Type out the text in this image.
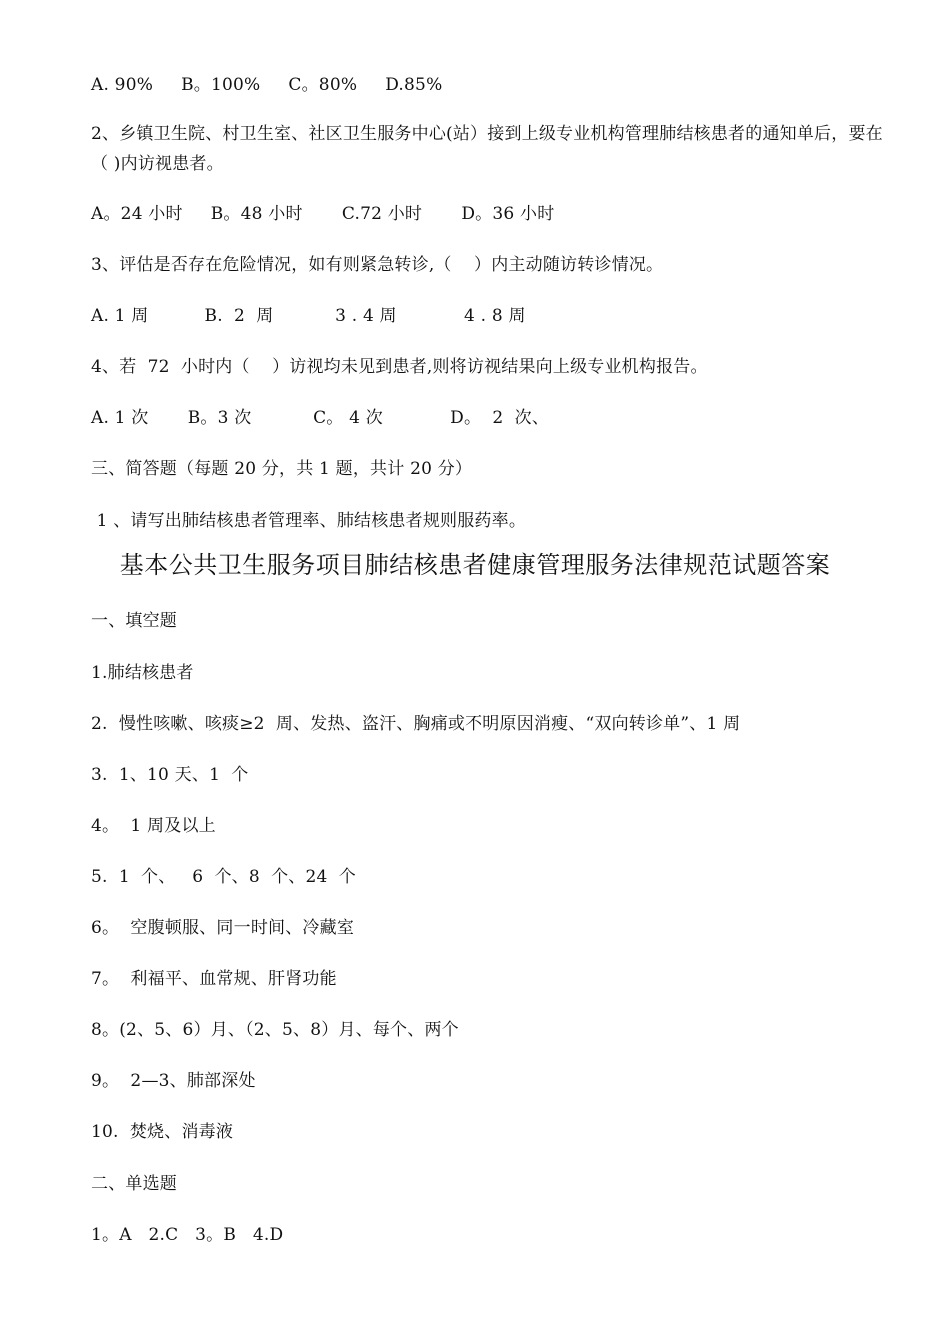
A. 90%     B。100%     C。80%     D.85%
2、乡镇卫生院、村卫生室、社区卫生服务中心(站）接到上级专业机构管理肺结核患者的通知单后，要在（ )内访视患者。
A。24 小时     B。48 小时       C.72 小时       D。36 小时
3、评估是否存在危险情况，如有则紧急转诊,（    ）内主动随访转诊情况。
A. 1 周          B.  2  周           3 . 4 周            4 . 8 周
4、若  72  小时内（    ）访视均未见到患者,则将访视结果向上级专业机构报告。
A. 1 次       B。3 次           C。 4 次            D。  2  次、
三、简答题（每题 20 分，共 1 题，共计 20 分）
1 、请写出肺结核患者管理率、肺结核患者规则服药率。
基本公共卫生服务项目肺结核患者健康管理服务法律规范试题答案
一、填空题
1.肺结核患者
2.  慢性咳嗽、咳痰≥2  周、发热、盗汗、胸痛或不明原因消瘦、“双向转诊单”、1 周
3.  1、10 天、1  个
4。  1 周及以上
5.  1  个、   6  个、8  个、24  个
6。  空腹顿服、同一时间、冷藏室
7。  利福平、血常规、肝肾功能
8。(2、5、6）月、（2、5、8）月、每个、两个
9。  2—3、肺部深处
10.  焚烧、消毒液
二、单选题
1。A   2.C   3。B   4.D
